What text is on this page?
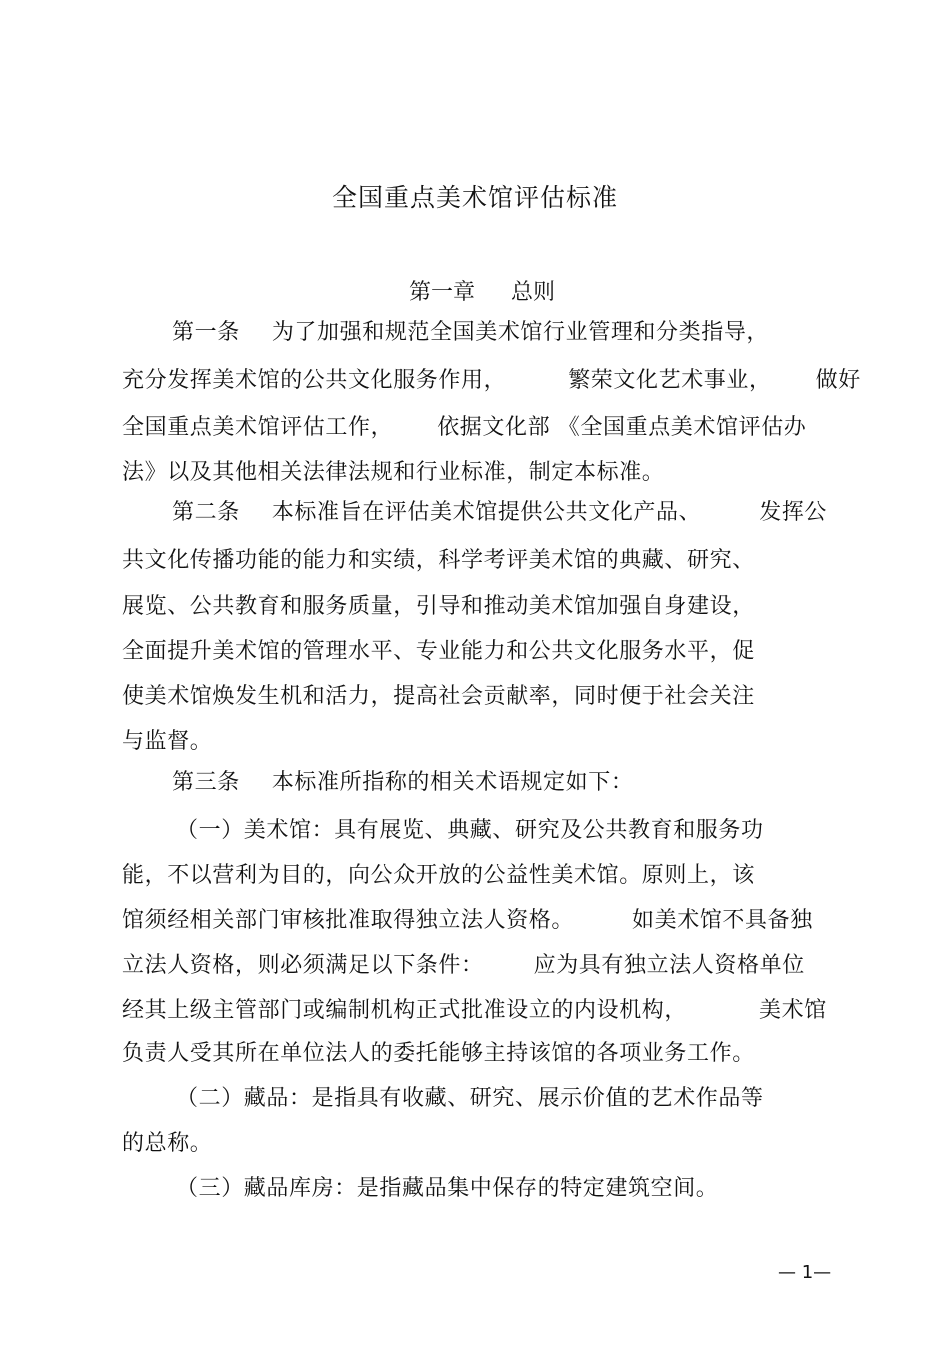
全国重点美术馆评估标准
第一章 总则
第一条 为了加强和规范全国美术馆行业管理和分类指导，
充分发挥美术馆的公共文化服务作用，	繁荣文化艺术事业， 做好
全国重点美术馆评估工作， 依据文化部 《全国重点美术馆评估办
法》以及其他相关法律法规和行业标准，制定本标准。
第二条 本标准旨在评估美术馆提供公共文化产品、	发挥公
共文化传播功能的能力和实绩，科学考评美术馆的典藏、研究、
展览、公共教育和服务质量，引导和推动美术馆加强自身建设，
全面提升美术馆的管理水平、专业能力和公共文化服务水平，促
使美术馆焕发生机和活力，提高社会贡献率，同时便于社会关注
与监督。
第三条 本标准所指称的相关术语规定如下：
（一）美术馆：具有展览、典藏、研究及公共教育和服务功
能，不以营利为目的，向公众开放的公益性美术馆。原则上，该
馆须经相关部门审核批准取得独立法人资格。	如美术馆不具备独
立法人资格，则必须满足以下条件： 应为具有独立法人资格单位
经其上级主管部门或编制机构正式批准设立的内设机构，	美术馆
负责人受其所在单位法人的委托能够主持该馆的各项业务工作。
（二）藏品：是指具有收藏、研究、展示价值的艺术作品等
的总称。
（三）藏品库房：是指藏品集中保存的特定建筑空间。
— 1—
